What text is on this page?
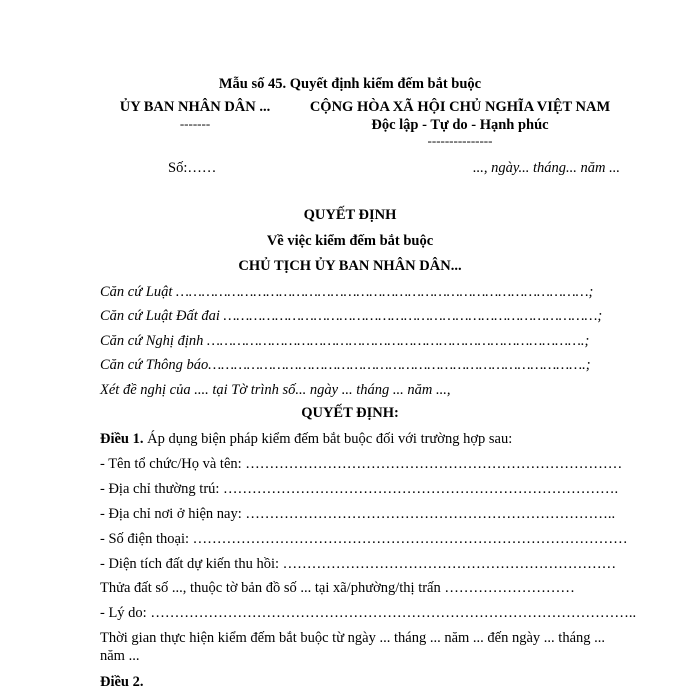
Mẫu số 45. Quyết định kiểm đếm bắt buộc
ỦY BAN NHÂN DÂN ...
-------
CỘNG HÒA XÃ HỘI CHỦ NGHĨA VIỆT NAM
Độc lập - Tự do - Hạnh phúc
---------------
Số:……	..., ngày... tháng... năm ...
QUYẾT ĐỊNH
Về việc kiểm đếm bắt buộc
CHỦ TỊCH ỦY BAN NHÂN DÂN...
Căn cứ Luật ……………………………………………………………………………………;
Căn cứ Luật Đất đai ……………………………………………………………………………;
Căn cứ Nghị định …………………………………………………………………………….;
Căn cứ Thông báo…………………………………………………………………………….;
Xét đề nghị của .... tại Tờ trình số... ngày ... tháng ... năm ...,
QUYẾT ĐỊNH:
Điều 1. Áp dụng biện pháp kiểm đếm bắt buộc đối với trường hợp sau:
- Tên tổ chức/Họ và tên: ……………………………………………………………………
- Địa chỉ thường trú: ……………………………………………………………………….
- Địa chỉ nơi ở hiện nay: …………………………………………………………………..
- Số điện thoại: ………………………………………………………………………………
- Diện tích đất dự kiến thu hồi: ……………………………………………………………
Thửa đất số ..., thuộc tờ bản đồ số ... tại xã/phường/thị trấn ………………………
- Lý do: ………………………………………………………………………………………..
Thời gian thực hiện kiểm đếm bắt buộc từ ngày ... tháng ... năm ... đến ngày ... tháng ...
năm ...
Điều 2.
